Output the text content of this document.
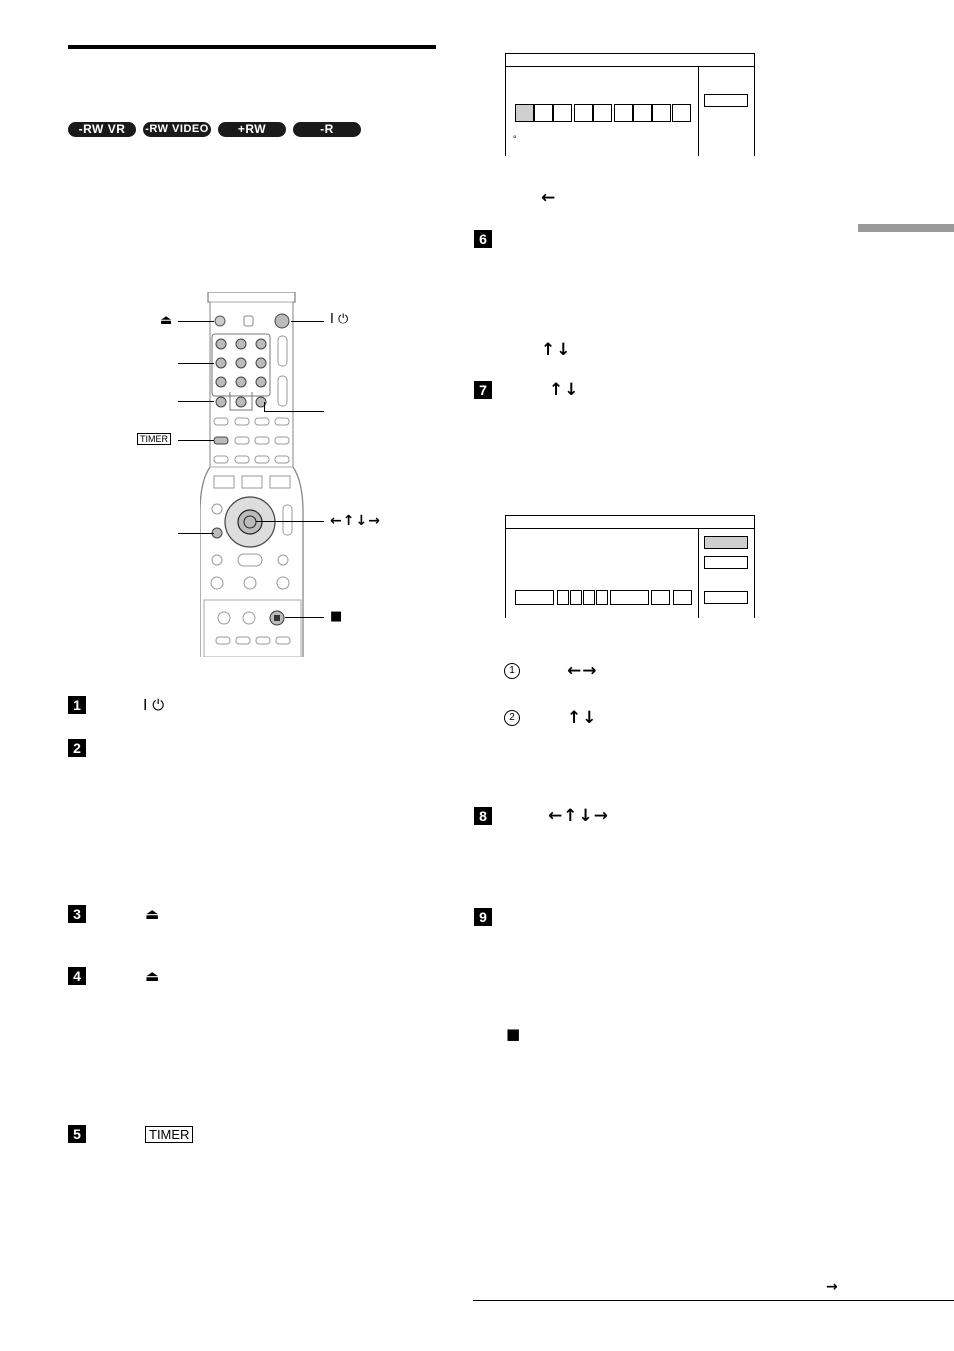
-RW VR	-RW VIDEO	+RW	-R
⏏
TIMER
I ⏻
←↑↓→
■
1	I ⏻
2
3	⏏
4	⏏
5	TIMER
°
←
6
↑↓
7	↑↓
1	←→
2	↑↓
8	←↑↓→
9
■
→
